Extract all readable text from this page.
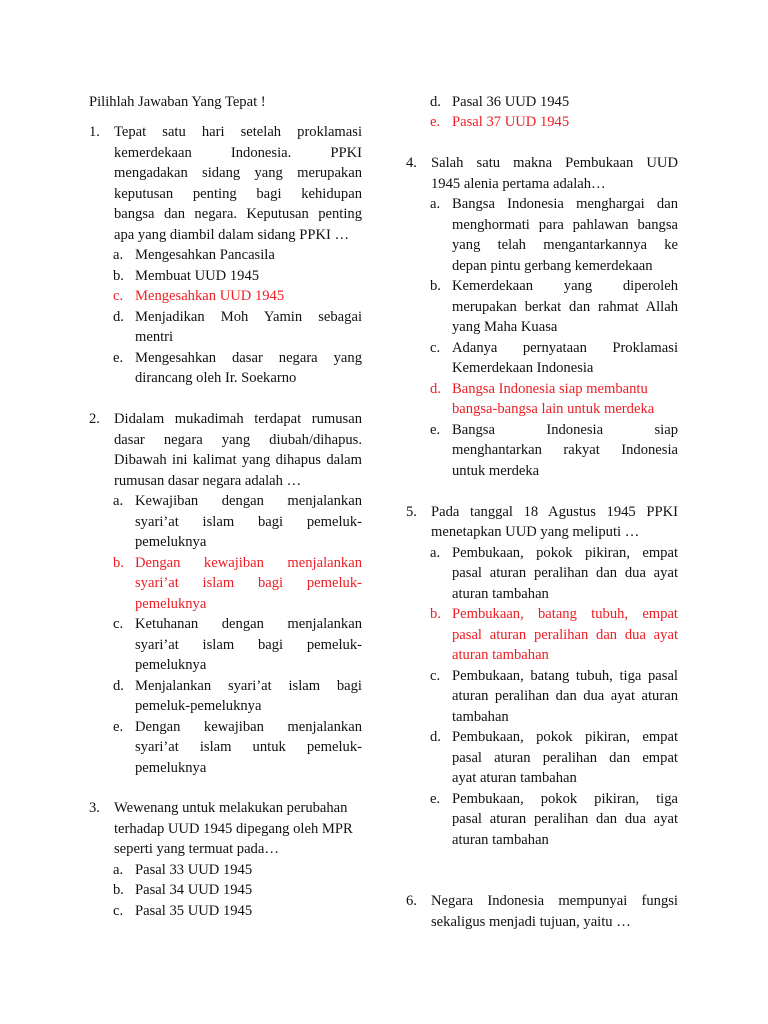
Pilihlah Jawaban Yang Tepat !
1. Tepat satu hari setelah proklamasi
kemerdekaan Indonesia. PPKI
mengadakan sidang yang merupakan
keputusan penting bagi kehidupan
bangsa dan negara. Keputusan penting
apa yang diambil dalam sidang PPKI …
a. Mengesahkan Pancasila
b. Membuat UUD 1945
c. Mengesahkan UUD 1945
d. Menjadikan Moh Yamin sebagai
mentri
e. Mengesahkan dasar negara yang
dirancang oleh Ir. Soekarno
2. Didalam mukadimah terdapat rumusan
dasar negara yang diubah/dihapus.
Dibawah ini kalimat yang dihapus dalam
rumusan dasar negara adalah …
a. Kewajiban dengan menjalankan
syari’at islam bagi pemeluk-
pemeluknya
b. Dengan kewajiban menjalankan
syari’at islam bagi pemeluk-
pemeluknya
c. Ketuhanan dengan menjalankan
syari’at islam bagi pemeluk-
pemeluknya
d. Menjalankan syari’at islam bagi
pemeluk-pemeluknya
e. Dengan kewajiban menjalankan
syari’at islam untuk pemeluk-
pemeluknya
3. Wewenang untuk melakukan perubahan
terhadap UUD 1945 dipegang oleh MPR
seperti yang termuat pada…
a. Pasal 33 UUD 1945
b. Pasal 34 UUD 1945
c. Pasal 35 UUD 1945
d. Pasal 36 UUD 1945
e. Pasal 37 UUD 1945
4. Salah satu makna Pembukaan UUD
1945 alenia pertama adalah…
a. Bangsa Indonesia menghargai dan
menghormati para pahlawan bangsa
yang telah mengantarkannya ke
depan pintu gerbang kemerdekaan
b. Kemerdekaan yang diperoleh
merupakan berkat dan rahmat Allah
yang Maha Kuasa
c. Adanya pernyataan Proklamasi
Kemerdekaan Indonesia
d. Bangsa Indonesia siap membantu
bangsa-bangsa lain untuk merdeka
e. Bangsa Indonesia siap
menghantarkan rakyat Indonesia
untuk merdeka
5. Pada tanggal 18 Agustus 1945 PPKI
menetapkan UUD yang meliputi …
a. Pembukaan, pokok pikiran, empat
pasal aturan peralihan dan dua ayat
aturan tambahan
b. Pembukaan, batang tubuh, empat
pasal aturan peralihan dan dua ayat
aturan tambahan
c. Pembukaan, batang tubuh, tiga pasal
aturan peralihan dan dua ayat aturan
tambahan
d. Pembukaan, pokok pikiran, empat
pasal aturan peralihan dan empat
ayat aturan tambahan
e. Pembukaan, pokok pikiran, tiga
pasal aturan peralihan dan dua ayat
aturan tambahan
6. Negara Indonesia mempunyai fungsi
sekaligus menjadi tujuan, yaitu …
